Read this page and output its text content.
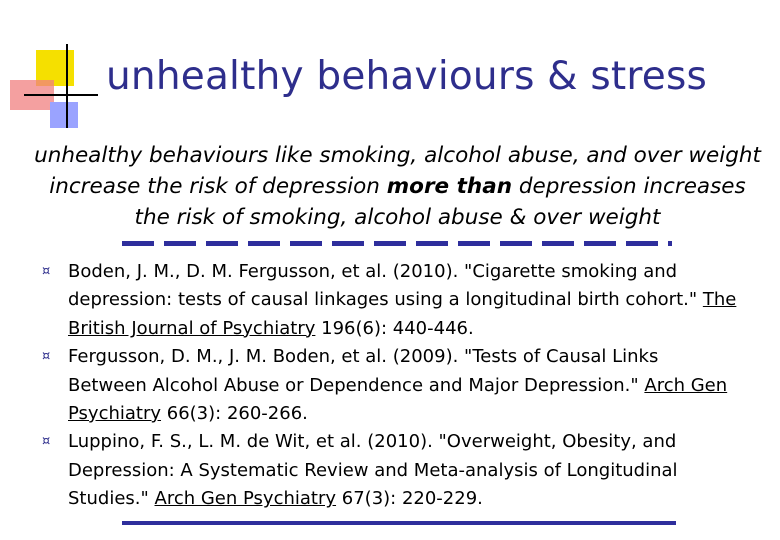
unhealthy behaviours & stress

unhealthy behaviours like smoking, alcohol abuse, and over weight increase the risk of depression more than depression increases the risk of smoking, alcohol abuse & over weight

¤ Boden, J. M., D. M. Fergusson, et al. (2010). "Cigarette smoking and depression: tests of causal linkages using a longitudinal birth cohort." The British Journal of Psychiatry 196(6): 440-446.
¤ Fergusson, D. M., J. M. Boden, et al. (2009). "Tests of Causal Links Between Alcohol Abuse or Dependence and Major Depression." Arch Gen Psychiatry 66(3): 260-266.
¤ Luppino, F. S., L. M. de Wit, et al. (2010). "Overweight, Obesity, and Depression: A Systematic Review and Meta-analysis of Longitudinal Studies." Arch Gen Psychiatry 67(3): 220-229.
